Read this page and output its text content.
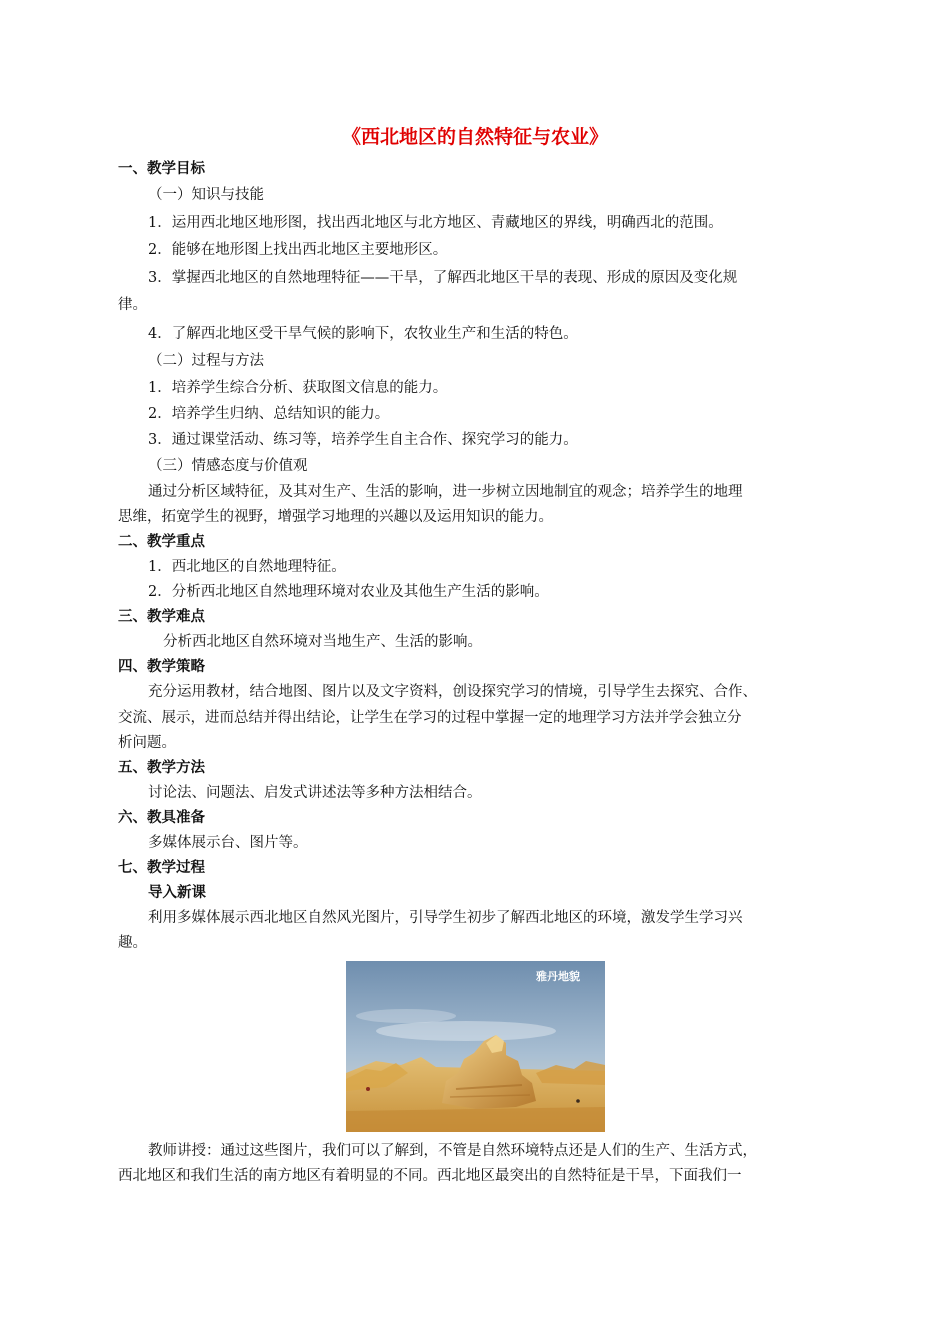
《西北地区的自然特征与农业》
一、教学目标
（一）知识与技能
1．运用西北地区地形图，找出西北地区与北方地区、青藏地区的界线，明确西北的范围。
2．能够在地形图上找出西北地区主要地形区。
3．掌握西北地区的自然地理特征——干旱，了解西北地区干旱的表现、形成的原因及变化规
律。
4．了解西北地区受干旱气候的影响下，农牧业生产和生活的特色。
（二）过程与方法
1．培养学生综合分析、获取图文信息的能力。
2．培养学生归纳、总结知识的能力。
3．通过课堂活动、练习等，培养学生自主合作、探究学习的能力。
（三）情感态度与价值观
通过分析区域特征，及其对生产、生活的影响，进一步树立因地制宜的观念；培养学生的地理
思维，拓宽学生的视野，增强学习地理的兴趣以及运用知识的能力。
二、教学重点
1．西北地区的自然地理特征。
2．分析西北地区自然地理环境对农业及其他生产生活的影响。
三、教学难点
分析西北地区自然环境对当地生产、生活的影响。
四、教学策略
充分运用教材，结合地图、图片以及文字资料，创设探究学习的情境，引导学生去探究、合作、
交流、展示，进而总结并得出结论，让学生在学习的过程中掌握一定的地理学习方法并学会独立分
析问题。
五、教学方法
讨论法、问题法、启发式讲述法等多种方法相结合。
六、教具准备
多媒体展示台、图片等。
七、教学过程
导入新课
利用多媒体展示西北地区自然风光图片，引导学生初步了解西北地区的环境，激发学生学习兴
趣。
雅丹地貌
教师讲授：通过这些图片，我们可以了解到，不管是自然环境特点还是人们的生产、生活方式，
西北地区和我们生活的南方地区有着明显的不同。西北地区最突出的自然特征是干旱，下面我们一
